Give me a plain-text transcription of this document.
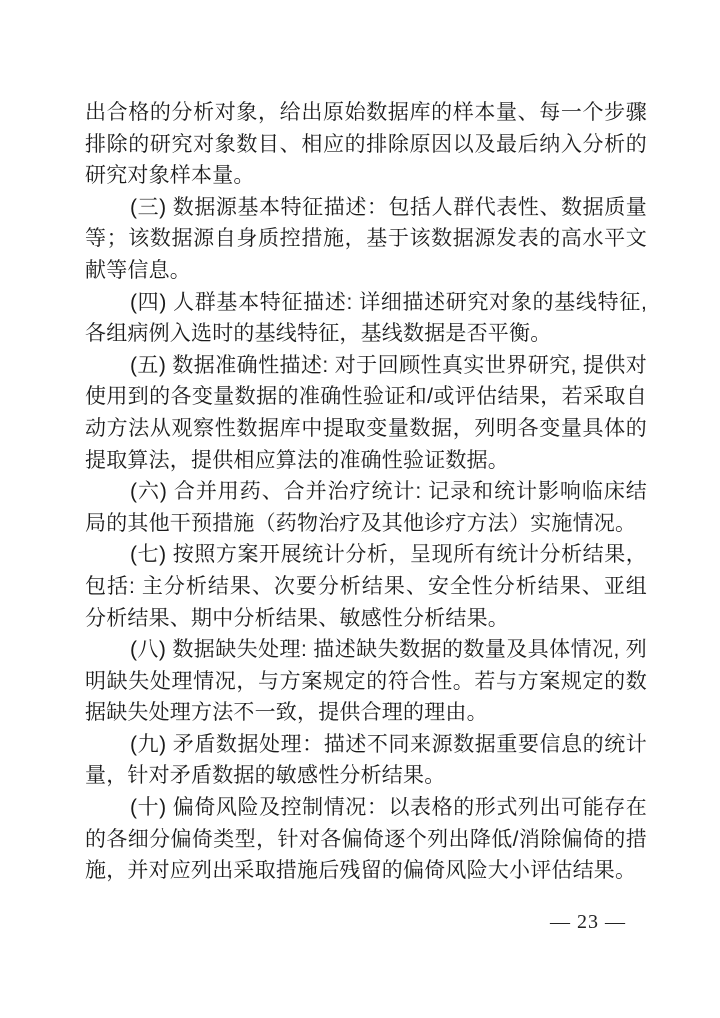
出合格的分析对象，给出原始数据库的样本量、每一个步骤排除的研究对象数目、相应的排除原因以及最后纳入分析的研究对象样本量。

(三) 数据源基本特征描述：包括人群代表性、数据质量等；该数据源自身质控措施，基于该数据源发表的高水平文献等信息。

(四) 人群基本特征描述: 详细描述研究对象的基线特征, 各组病例入选时的基线特征，基线数据是否平衡。

(五) 数据准确性描述: 对于回顾性真实世界研究, 提供对使用到的各变量数据的准确性验证和/或评估结果，若采取自动方法从观察性数据库中提取变量数据，列明各变量具体的提取算法，提供相应算法的准确性验证数据。

(六) 合并用药、合并治疗统计: 记录和统计影响临床结局的其他干预措施（药物治疗及其他诊疗方法）实施情况。

(七) 按照方案开展统计分析，呈现所有统计分析结果，包括: 主分析结果、次要分析结果、安全性分析结果、亚组分析结果、期中分析结果、敏感性分析结果。

(八) 数据缺失处理: 描述缺失数据的数量及具体情况, 列明缺失处理情况，与方案规定的符合性。若与方案规定的数据缺失处理方法不一致，提供合理的理由。

(九) 矛盾数据处理：描述不同来源数据重要信息的统计量，针对矛盾数据的敏感性分析结果。

(十) 偏倚风险及控制情况：以表格的形式列出可能存在的各细分偏倚类型，针对各偏倚逐个列出降低/消除偏倚的措施，并对应列出采取措施后残留的偏倚风险大小评估结果。

— 23 —
